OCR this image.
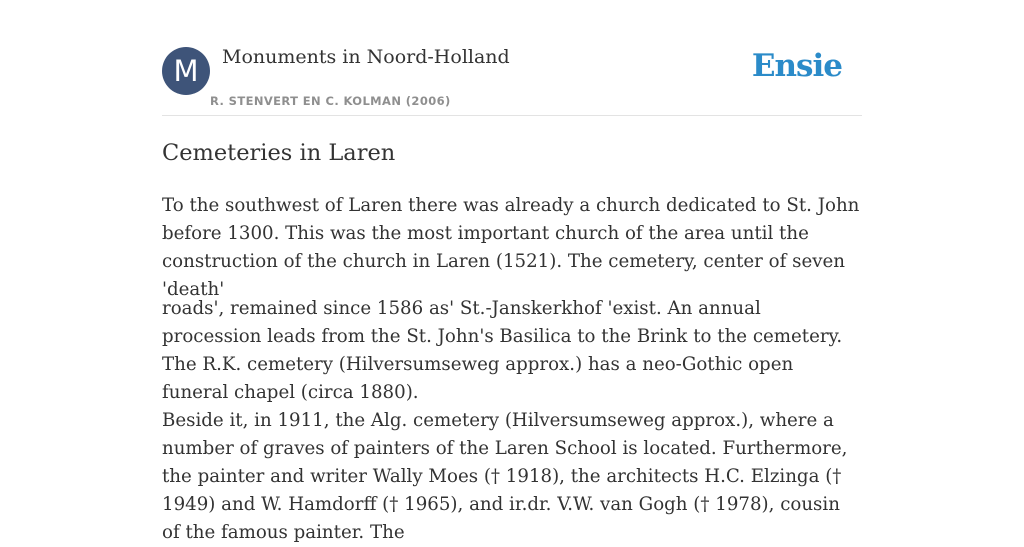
M	Monuments in Noord-Holland
R. STENVERT EN C. KOLMAN (2006)
Ensie
Cemeteries in Laren

To the southwest of Laren there was already a church dedicated to St. John before 1300. This was the most important church of the area until the construction of the church in Laren (1521). The cemetery, center of seven 'death'

roads', remained since 1586 as' St.-Janskerkhof 'exist. An annual procession leads from the St. John's Basilica to the Brink to the cemetery. The R.K. cemetery (Hilversumseweg approx.) has a neo-Gothic open funeral chapel (circa 1880).

Beside it, in 1911, the Alg. cemetery (Hilversumseweg approx.), where a number of graves of painters of the Laren School is located. Furthermore, the painter and writer Wally Moes († 1918), the architects H.C. Elzinga († 1949) and W. Hamdorff († 1965), and ir.dr. V.W. van Gogh († 1978), cousin of the famous painter. The
